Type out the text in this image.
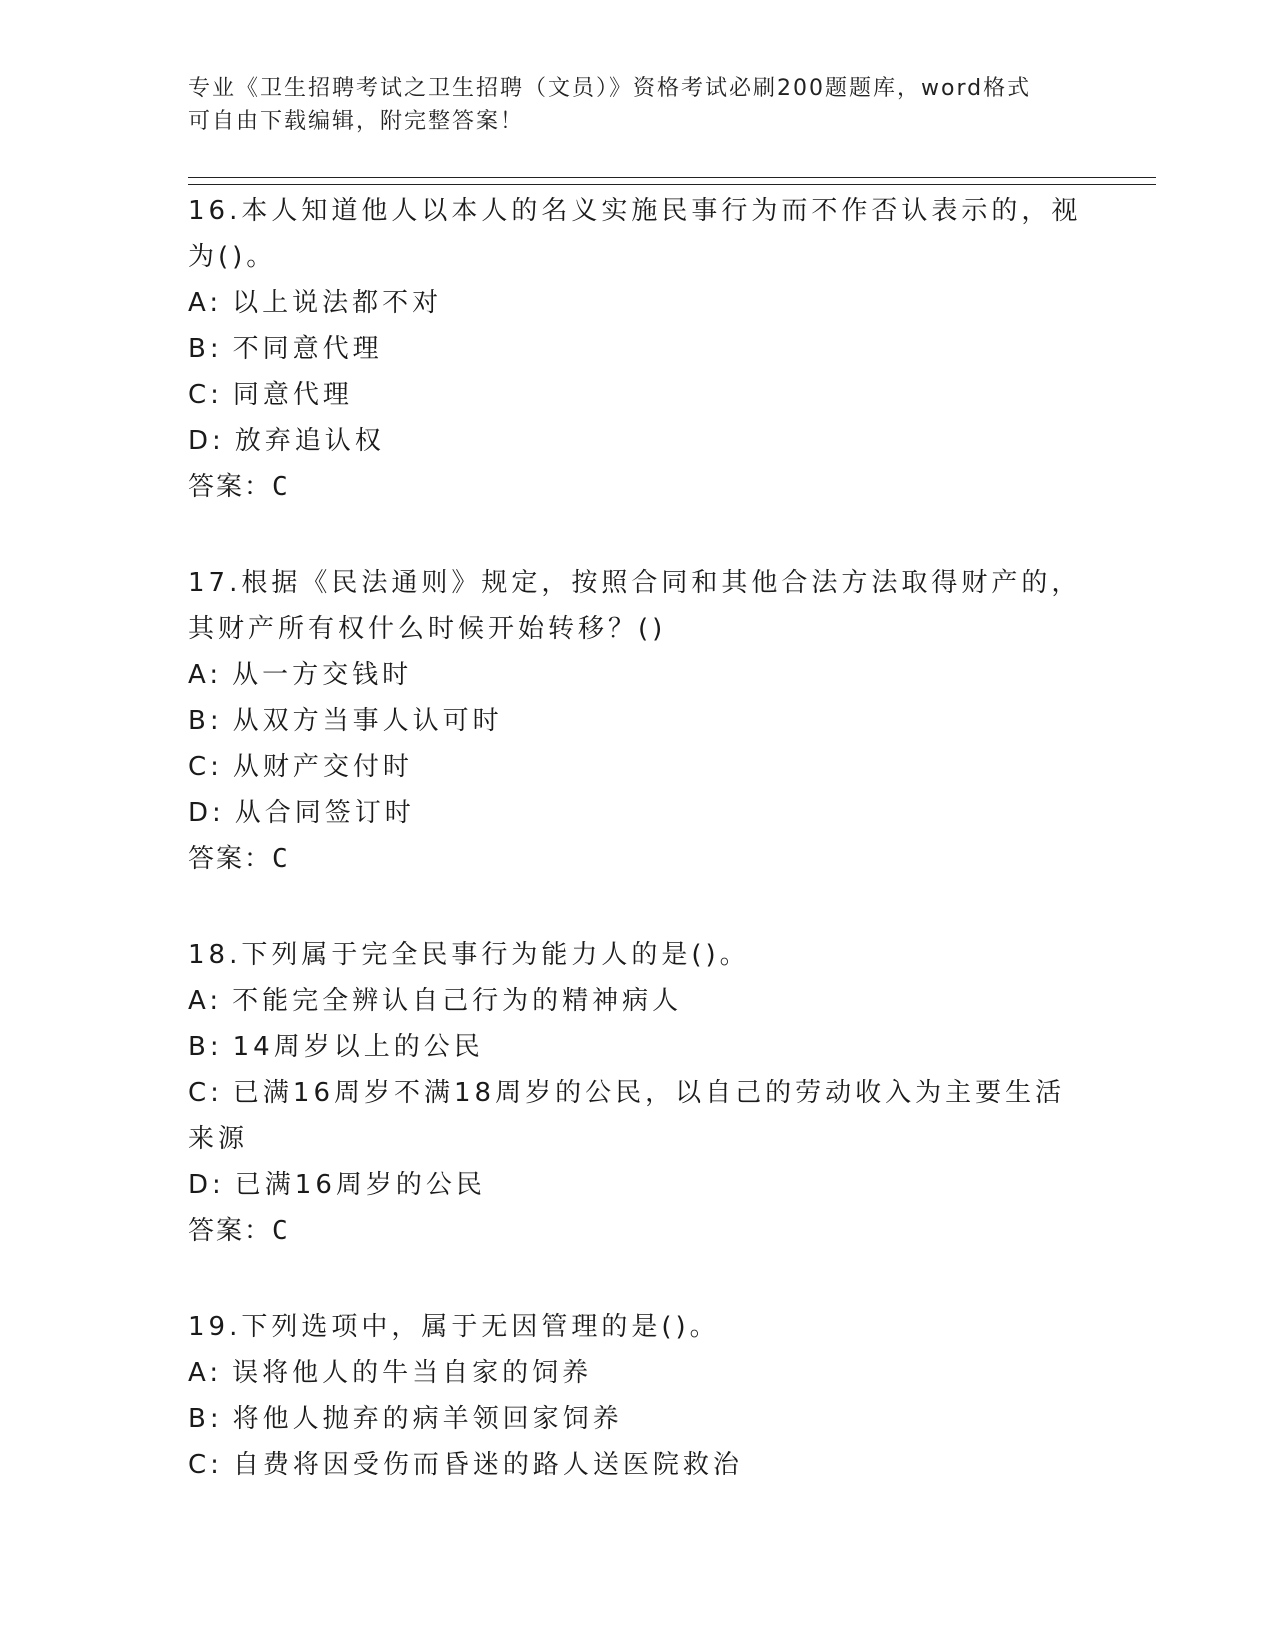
专业《卫生招聘考试之卫生招聘（文员）》资格考试必刷200题题库，word格式
可自由下载编辑，附完整答案！

16.本人知道他人以本人的名义实施民事行为而不作否认表示的，视为()。

A: 以上说法都不对

B: 不同意代理

C: 同意代理

D: 放弃追认权

答案：C

17.根据《民法通则》规定，按照合同和其他合法方法取得财产的，其财产所有权什么时候开始转移？()

A: 从一方交钱时

B: 从双方当事人认可时

C: 从财产交付时

D: 从合同签订时

答案：C

18.下列属于完全民事行为能力人的是()。

A: 不能完全辨认自己行为的精神病人

B: 14周岁以上的公民

C: 已满16周岁不满18周岁的公民，以自己的劳动收入为主要生活来源

D: 已满16周岁的公民

答案：C

19.下列选项中，属于无因管理的是()。

A: 误将他人的牛当自家的饲养

B: 将他人抛弃的病羊领回家饲养

C: 自费将因受伤而昏迷的路人送医院救治
